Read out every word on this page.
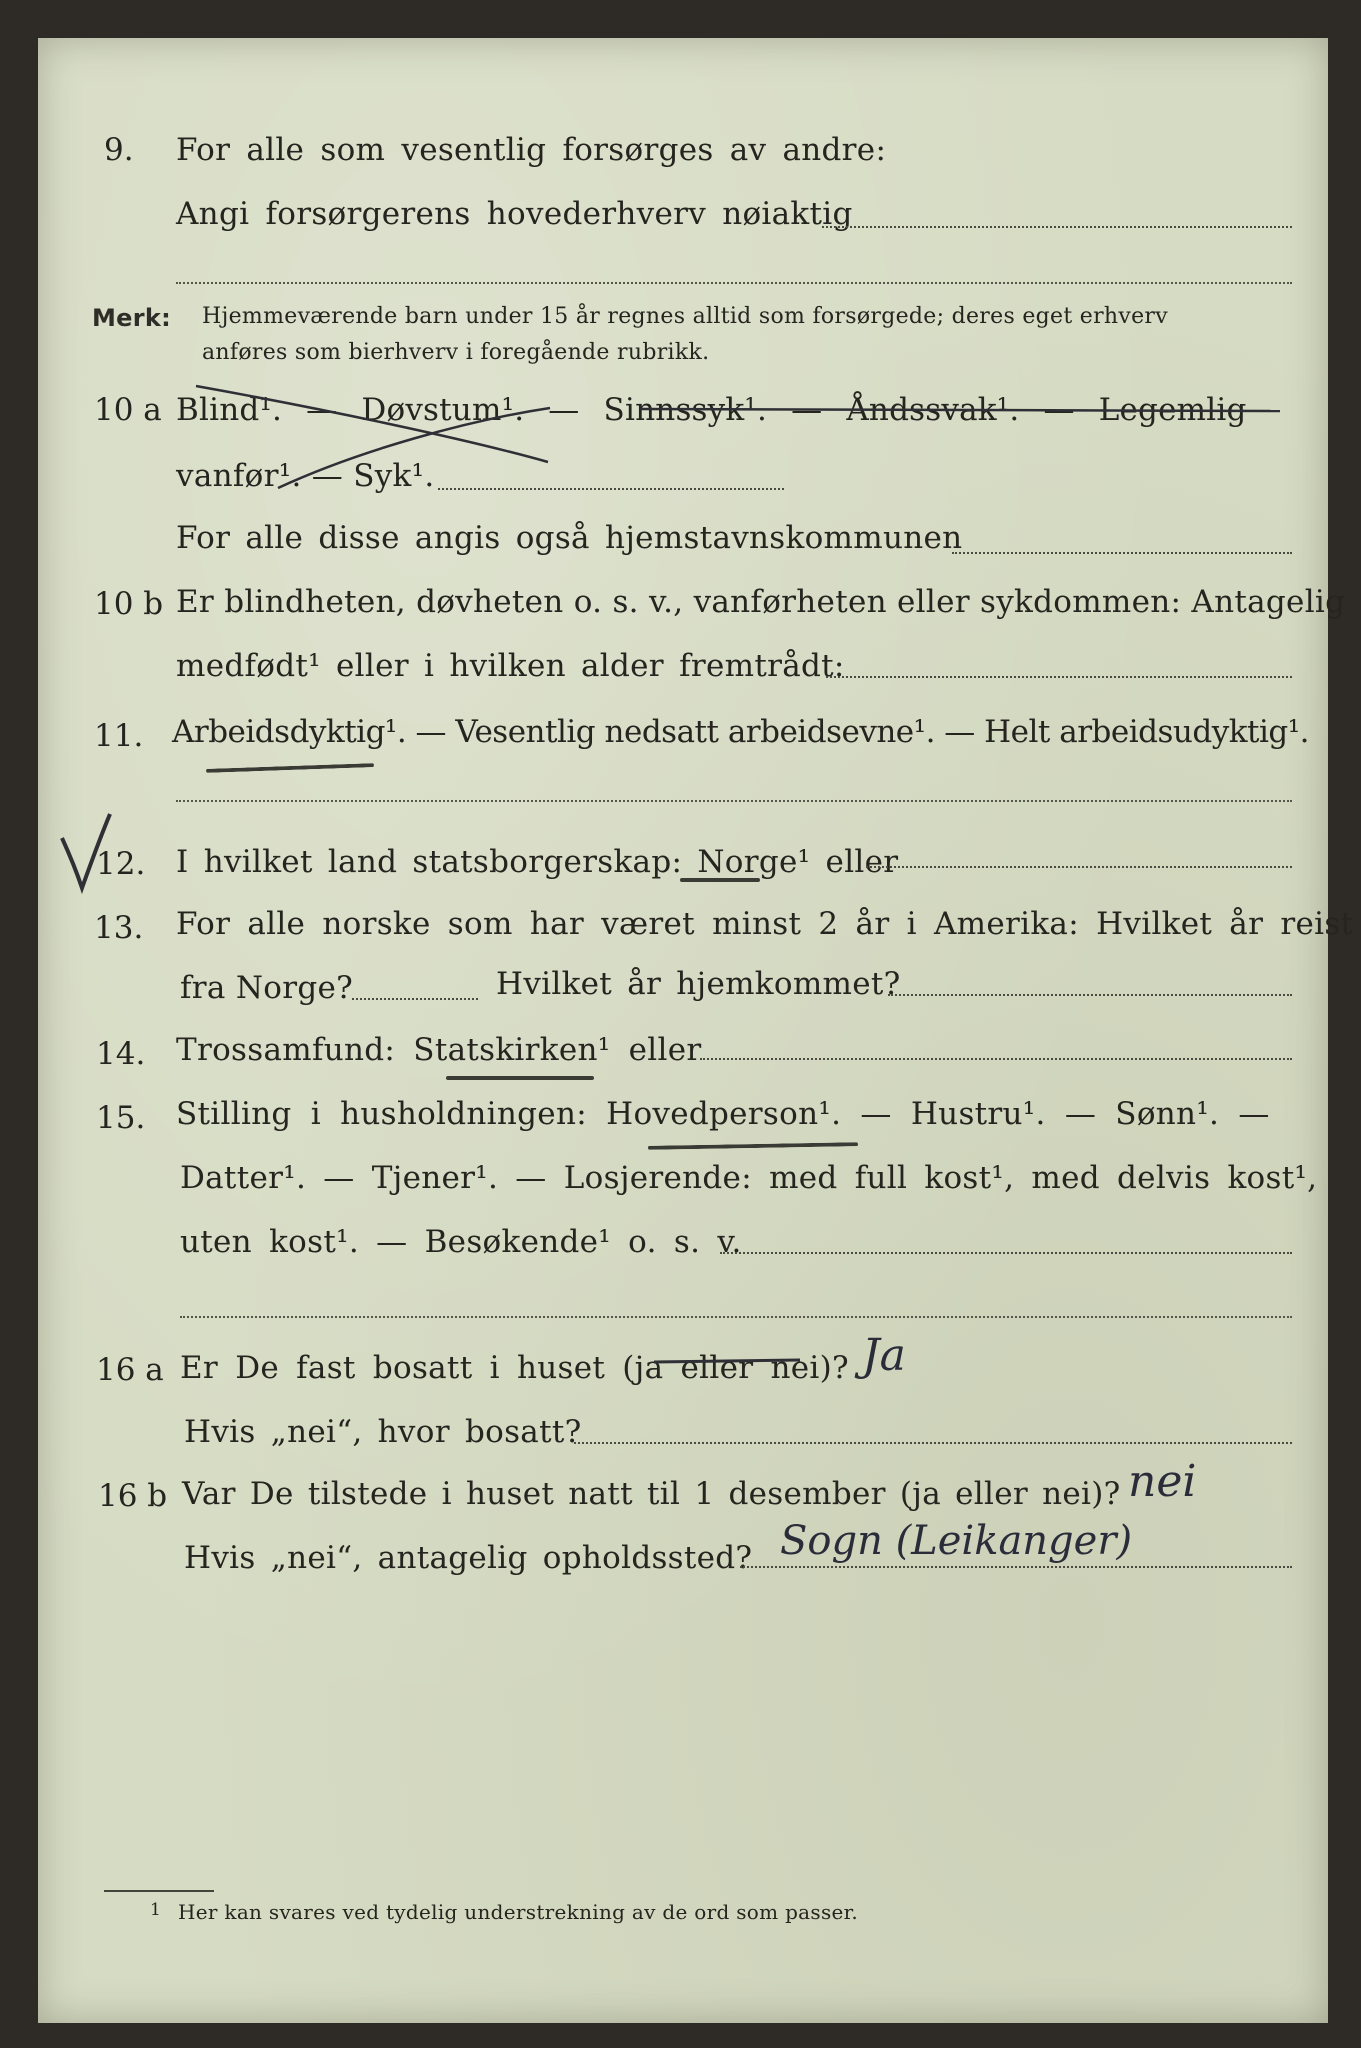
9. For alle som vesentlig forsørges av andre:
Angi forsørgerens hovederhverv nøiaktig
Merk: Hjemmeværende barn under 15 år regnes alltid som forsørgede; deres eget erhverv
anføres som bierhverv i foregående rubrikk.
10 a Blind¹. — Døvstum¹. — Sinnssyk¹. — Åndssvak¹. — Legemlig
vanfør¹. — Syk¹.
For alle disse angis også hjemstavnskommunen
10 b Er blindheten, døvheten o. s. v., vanførheten eller sykdommen: Antagelig
medfødt¹ eller i hvilken alder fremtrådt:
11. Arbeidsdyktig¹. — Vesentlig nedsatt arbeidsevne¹. — Helt arbeidsudyktig¹.
12. I hvilket land statsborgerskap: Norge¹ eller
13. For alle norske som har været minst 2 år i Amerika: Hvilket år reist
fra Norge?	Hvilket år hjemkommet?
14. Trossamfund: Statskirken¹ eller
15. Stilling i husholdningen: Hovedperson¹. — Hustru¹. — Sønn¹. —
Datter¹. — Tjener¹. — Losjerende: med full kost¹, med delvis kost¹,
uten kost¹. — Besøkende¹ o. s. v.
16 a Er De fast bosatt i huset (ja eller nei)? Ja
Hvis „nei“, hvor bosatt?
16 b Var De tilstede i huset natt til 1 desember (ja eller nei)? nei
Hvis „nei“, antagelig opholdssted? Sogn (Leikanger)
1 Her kan svares ved tydelig understrekning av de ord som passer.
